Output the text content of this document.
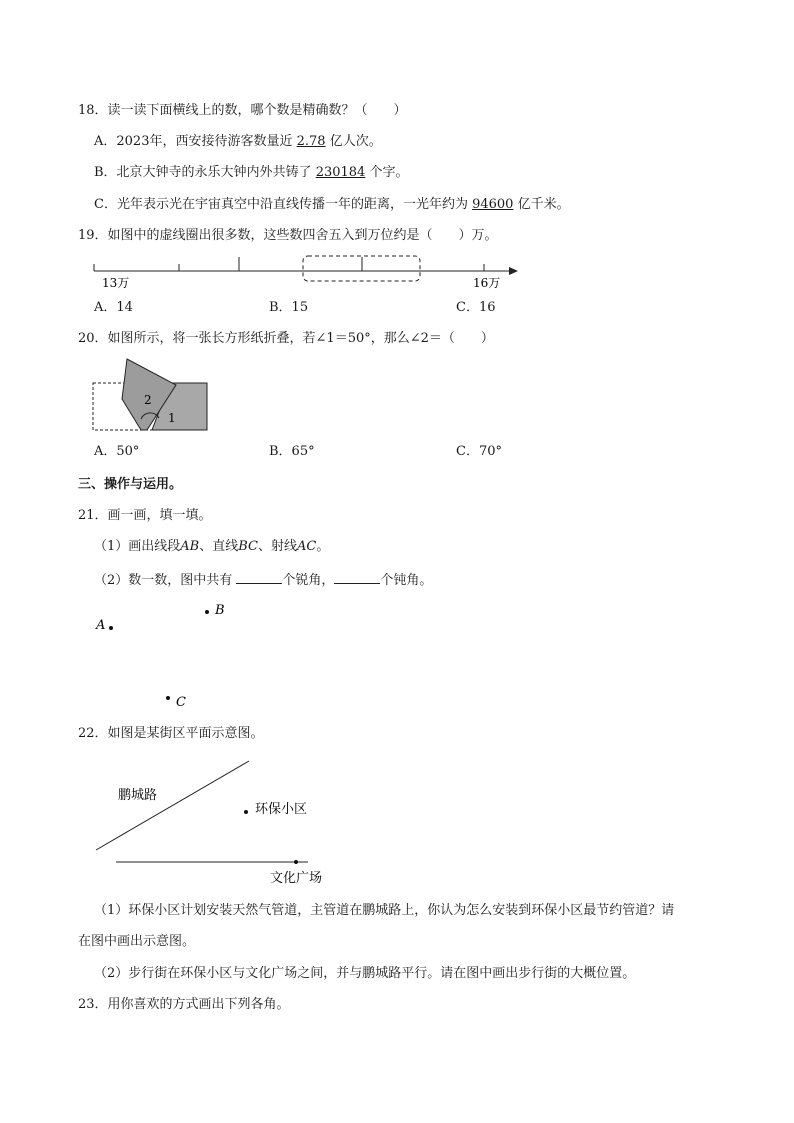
18．读一读下面横线上的数，哪个数是精确数？（　　）
A．2023年，西安接待游客数量近 2.78 亿人次。
B．北京大钟寺的永乐大钟内外共铸了 230184 个字。
C．光年表示光在宇宙真空中沿直线传播一年的距离，一光年约为 94600 亿千米。
19．如图中的虚线圈出很多数，这些数四舍五入到万位约是（　　）万。
13万	16万
A．14	B．15	C．16
20．如图所示，将一张长方形纸折叠，若∠1＝50°，那么∠2＝（　　）
2
1
A．50°	B．65°	C．70°
三、操作与运用。
21．画一画，填一填。
（1）画出线段AB、直线BC、射线AC。
（2）数一数，图中共有	个锐角，	个钝角。
A
B
C
22．如图是某街区平面示意图。
鹏城路
环保小区
文化广场
（1）环保小区计划安装天然气管道，主管道在鹏城路上，你认为怎么安装到环保小区最节约管道？请
在图中画出示意图。
（2）步行街在环保小区与文化广场之间，并与鹏城路平行。请在图中画出步行街的大概位置。
23．用你喜欢的方式画出下列各角。
